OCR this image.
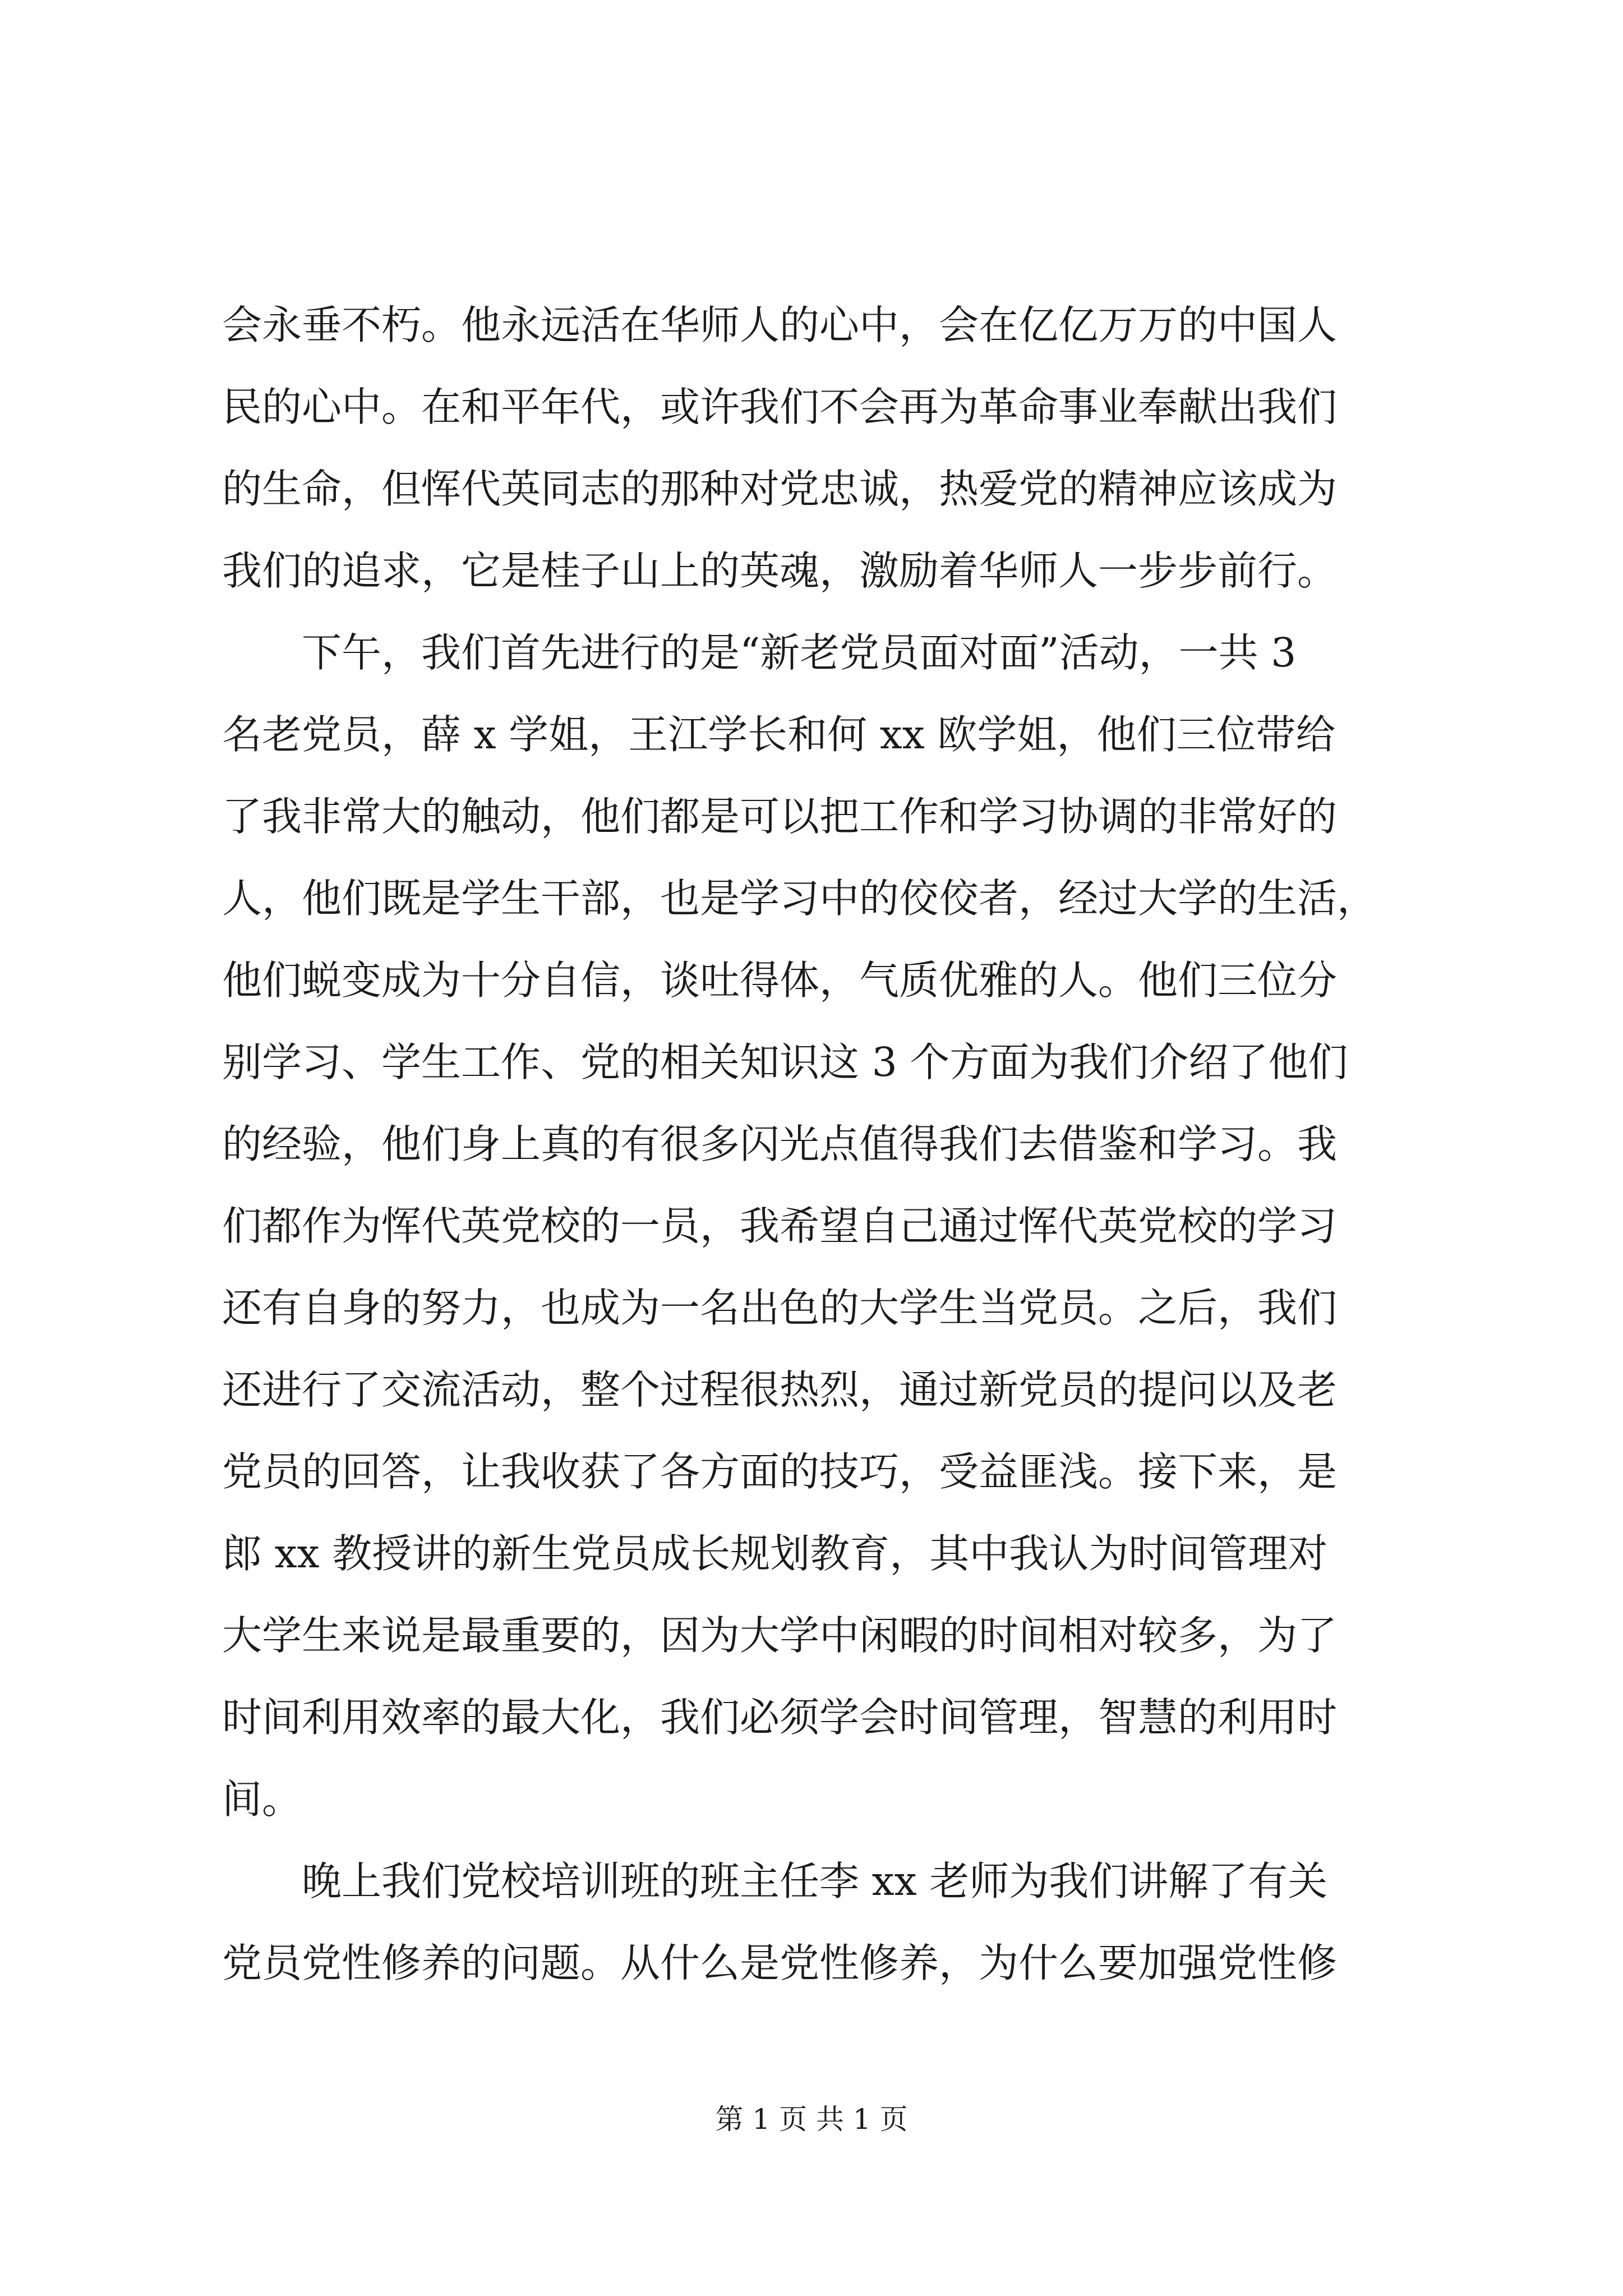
会永垂不朽。他永远活在华师人的心中，会在亿亿万万的中国人
民的心中。在和平年代，或许我们不会再为革命事业奉献出我们
的生命，但恽代英同志的那种对党忠诚，热爱党的精神应该成为
我们的追求，它是桂子山上的英魂，激励着华师人一步步前行。
下午，我们首先进行的是“新老党员面对面”活动，一共 3
名老党员，薛 x 学姐，王江学长和何 xx 欧学姐，他们三位带给
了我非常大的触动，他们都是可以把工作和学习协调的非常好的
人，他们既是学生干部，也是学习中的佼佼者，经过大学的生活，
他们蜕变成为十分自信，谈吐得体，气质优雅的人。他们三位分
别学习、学生工作、党的相关知识这 3 个方面为我们介绍了他们
的经验，他们身上真的有很多闪光点值得我们去借鉴和学习。我
们都作为恽代英党校的一员，我希望自己通过恽代英党校的学习
还有自身的努力，也成为一名出色的大学生当党员。之后，我们
还进行了交流活动，整个过程很热烈，通过新党员的提问以及老
党员的回答，让我收获了各方面的技巧，受益匪浅。接下来，是
郎 xx 教授讲的新生党员成长规划教育，其中我认为时间管理对
大学生来说是最重要的，因为大学中闲暇的时间相对较多，为了
时间利用效率的最大化，我们必须学会时间管理，智慧的利用时
间。
晚上我们党校培训班的班主任李 xx 老师为我们讲解了有关
党员党性修养的问题。从什么是党性修养，为什么要加强党性修
第 1 页 共 1 页
